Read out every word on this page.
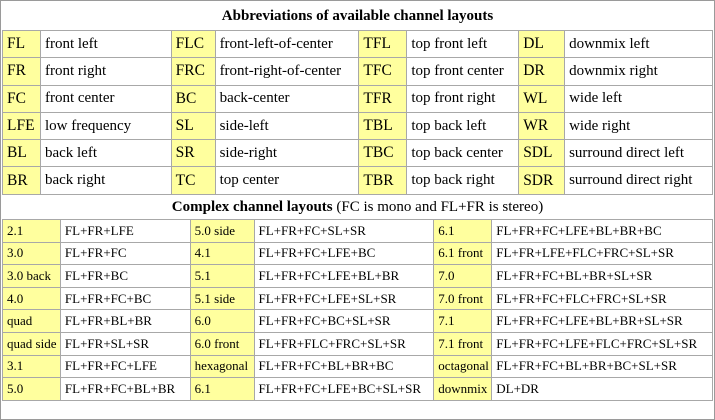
Abbreviations of available channel layouts							
FL	front left	FLC	front-left-of-center	TFL	top front left	DL	downmix left
FR	front right	FRC	front-right-of-center	TFC	top front center	DR	downmix right
FC	front center	BC	back-center	TFR	top front right	WL	wide left
LFE	low frequency	SL	side-left	TBL	top back left	WR	wide right
BL	back left	SR	side-right	TBC	top back center	SDL	surround direct left
BR	back right	TC	top center	TBR	top back right	SDR	surround direct right
Complex channel layouts (FC is mono and FL+FR is stereo)					
2.1	FL+FR+LFE	5.0 side	FL+FR+FC+SL+SR	6.1	FL+FR+FC+LFE+BL+BR+BC
3.0	FL+FR+FC	4.1	FL+FR+FC+LFE+BC	6.1 front	FL+FR+LFE+FLC+FRC+SL+SR
3.0 back	FL+FR+BC	5.1	FL+FR+FC+LFE+BL+BR	7.0	FL+FR+FC+BL+BR+SL+SR
4.0	FL+FR+FC+BC	5.1 side	FL+FR+FC+LFE+SL+SR	7.0 front	FL+FR+FC+FLC+FRC+SL+SR
quad	FL+FR+BL+BR	6.0	FL+FR+FC+BC+SL+SR	7.1	FL+FR+FC+LFE+BL+BR+SL+SR
quad side	FL+FR+SL+SR	6.0 front	FL+FR+FLC+FRC+SL+SR	7.1 front	FL+FR+FC+LFE+FLC+FRC+SL+SR
3.1	FL+FR+FC+LFE	hexagonal	FL+FR+FC+BL+BR+BC	octagonal	FL+FR+FC+BL+BR+BC+SL+SR
5.0	FL+FR+FC+BL+BR	6.1	FL+FR+FC+LFE+BC+SL+SR	downmix	DL+DR
